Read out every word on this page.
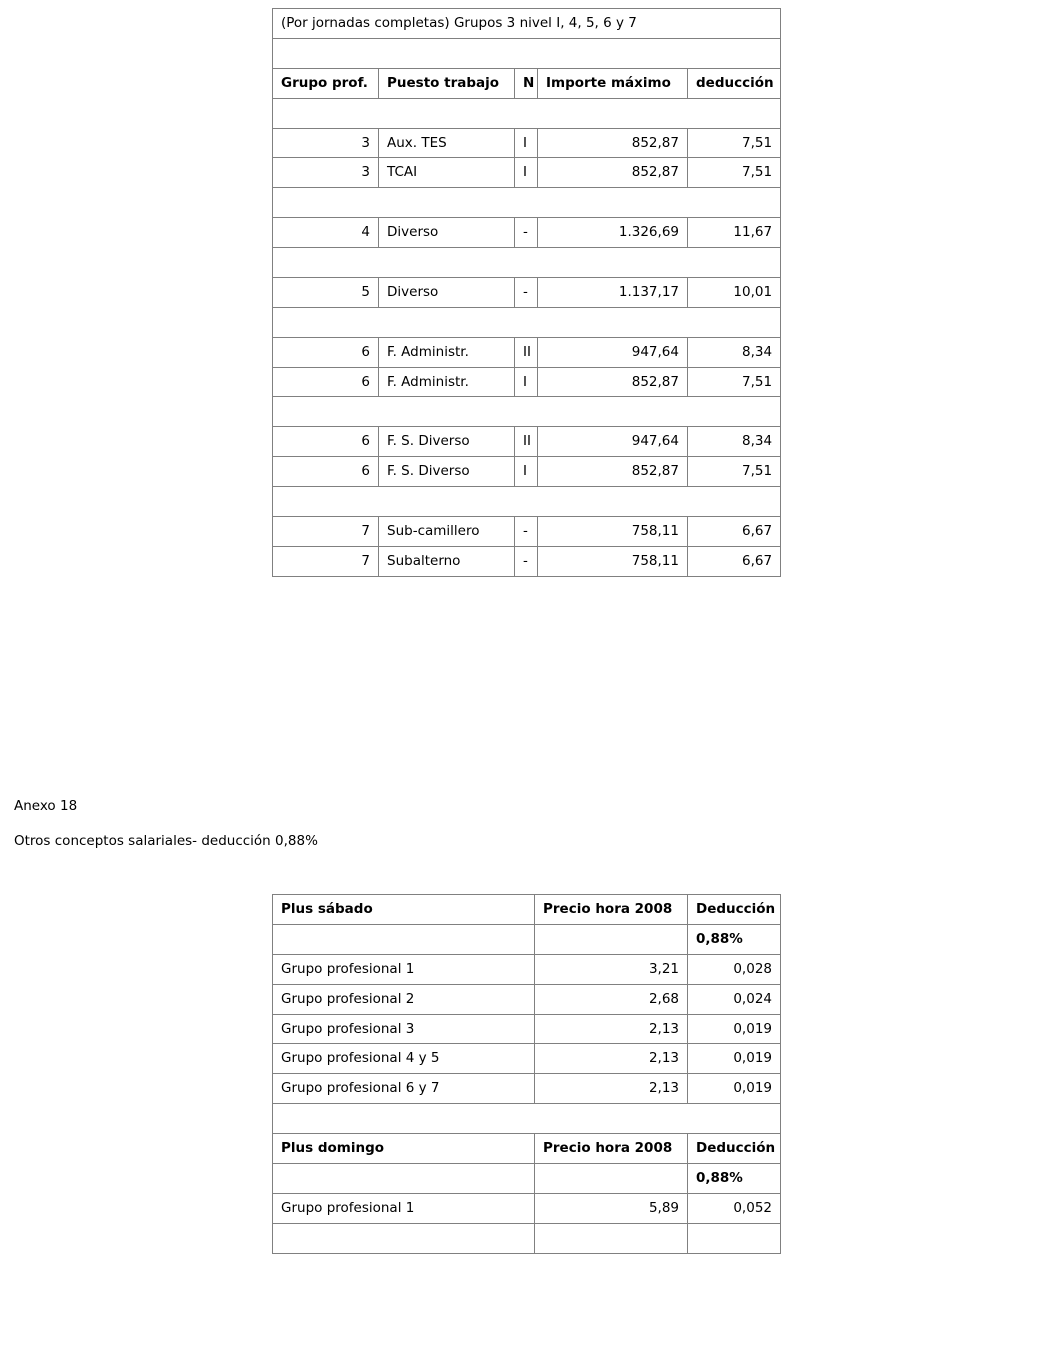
(Por jornadas completas) Grupos 3 nivel I, 4, 5, 6 y 7				

Grupo prof.	Puesto trabajo	N	Importe máximo	deducción

3	Aux. TES	I	852,87	7,51
3	TCAI	I	852,87	7,51

4	Diverso	-	1.326,69	11,67

5	Diverso	-	1.137,17	10,01

6	F. Administr.	II	947,64	8,34
6	F. Administr.	I	852,87	7,51

6	F. S. Diverso	II	947,64	8,34
6	F. S. Diverso	I	852,87	7,51

7	Sub-camillero	-	758,11	6,67
7	Subalterno	-	758,11	6,67
Anexo 18
Otros conceptos salariales- deducción 0,88%
Plus sábado	Precio hora 2008	Deducción
		0,88%
Grupo profesional 1	3,21	0,028
Grupo profesional 2	2,68	0,024
Grupo profesional 3	2,13	0,019
Grupo profesional 4 y 5	2,13	0,019
Grupo profesional 6 y 7	2,13	0,019

Plus domingo	Precio hora 2008	Deducción
		0,88%
Grupo profesional 1	5,89	0,052
